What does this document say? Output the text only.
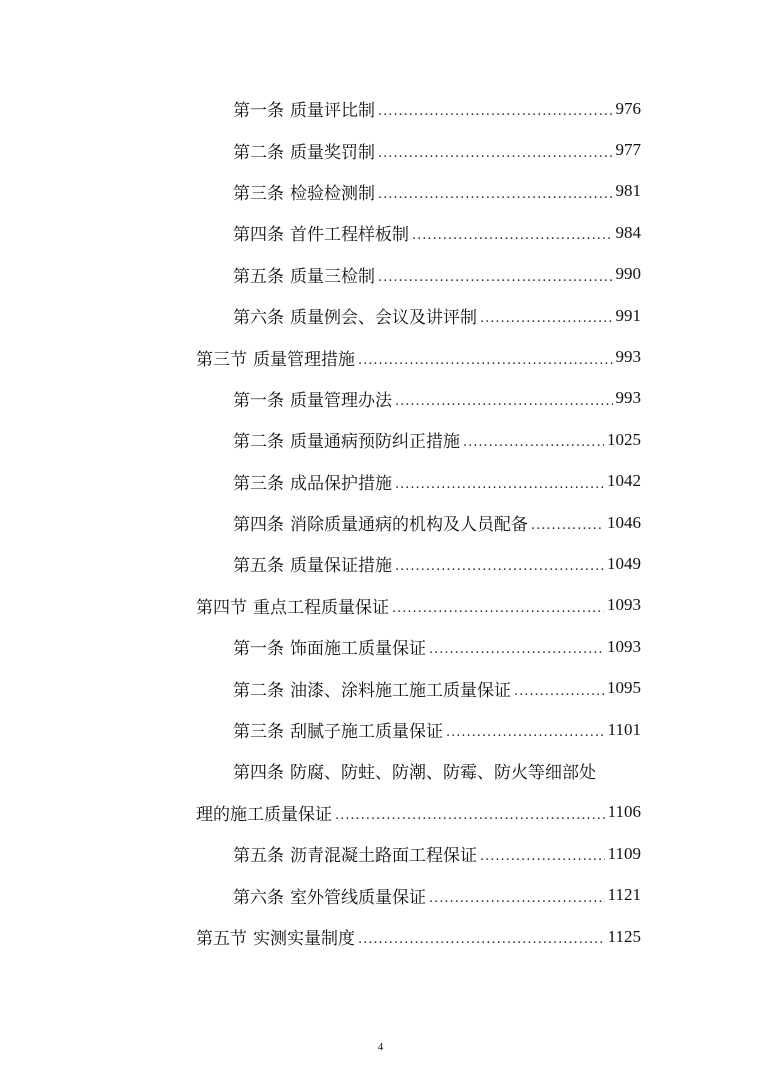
第一条 质量评比制 .....	976
第二条 质量奖罚制 .....	977
第三条 检验检测制 .....	981
第四条 首件工程样板制 .....	984
第五条 质量三检制 .....	990
第六条 质量例会、会议及讲评制 .....	991
第三节 质量管理措施 .....	993
第一条 质量管理办法 .....	993
第二条 质量通病预防纠正措施 .....	1025
第三条 成品保护措施 .....	1042
第四条 消除质量通病的机构及人员配备 .....	1046
第五条 质量保证措施 .....	1049
第四节 重点工程质量保证 .....	1093
第一条 饰面施工质量保证 .....	1093
第二条 油漆、涂料施工施工质量保证 .....	1095
第三条 刮腻子施工质量保证 .....	1101
第四条 防腐、防蛀、防潮、防霉、防火等细部处
理的施工质量保证 .....	1106
第五条 沥青混凝土路面工程保证 .....	1109
第六条 室外管线质量保证 .....	1121
第五节 实测实量制度 .....	1125
4
